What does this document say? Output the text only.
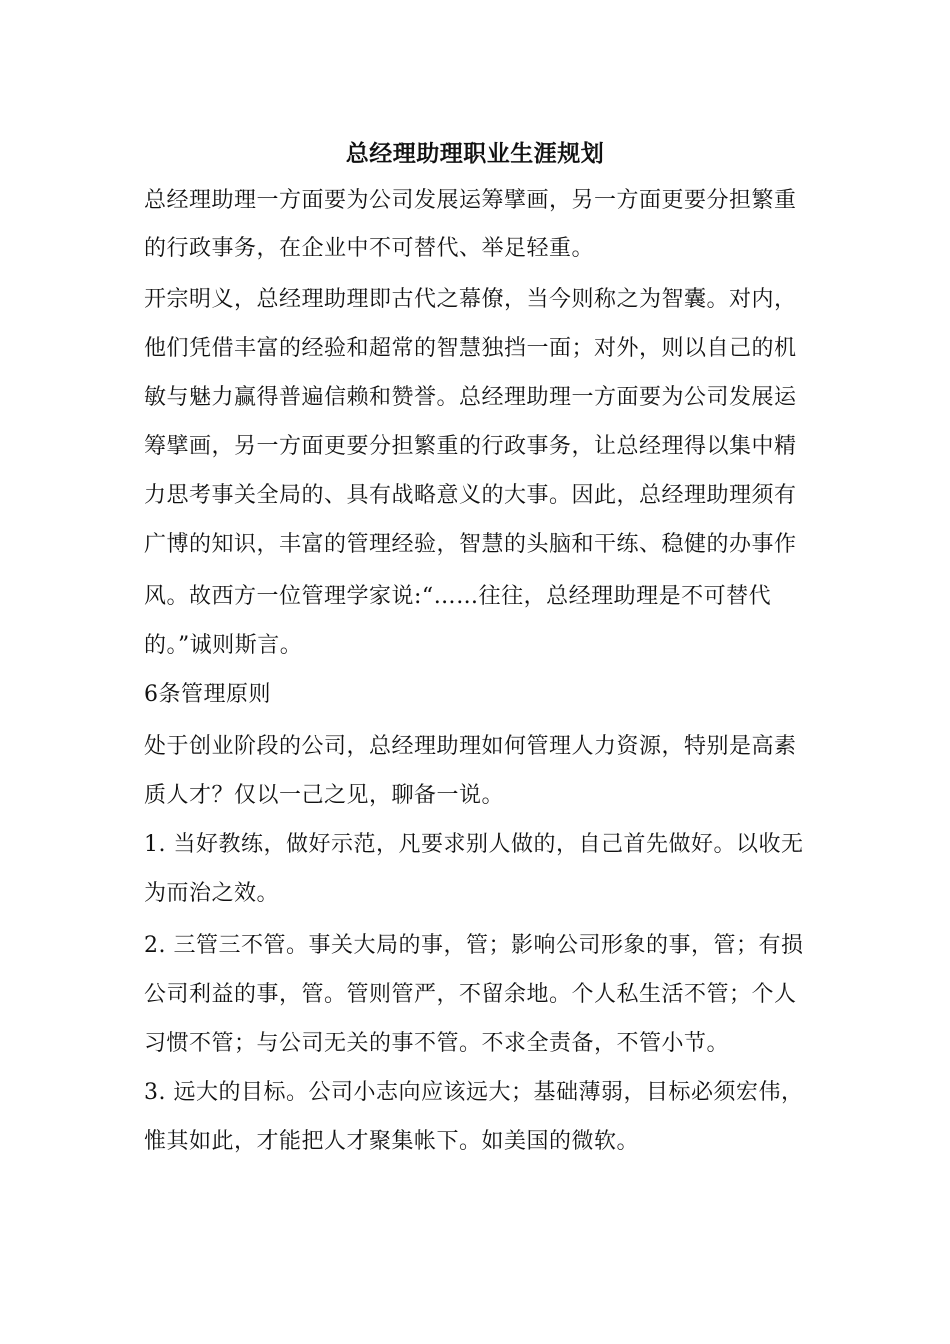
总经理助理职业生涯规划

总经理助理一方面要为公司发展运筹擘画，另一方面更要分担繁重

的行政事务，在企业中不可替代、举足轻重。

开宗明义，总经理助理即古代之幕僚，当今则称之为智囊。对内，

他们凭借丰富的经验和超常的智慧独挡一面；对外，则以自己的机

敏与魅力赢得普遍信赖和赞誉。总经理助理一方面要为公司发展运

筹擘画，另一方面更要分担繁重的行政事务，让总经理得以集中精

力思考事关全局的、具有战略意义的大事。因此，总经理助理须有

广博的知识，丰富的管理经验，智慧的头脑和干练、稳健的办事作

风。故西方一位管理学家说:“……往往，总经理助理是不可替代

的。”诚则斯言。

6条管理原则

处于创业阶段的公司，总经理助理如何管理人力资源，特别是高素

质人才？仅以一己之见，聊备一说。

1. 当好教练，做好示范，凡要求别人做的，自己首先做好。以收无

为而治之效。

2. 三管三不管。事关大局的事，管；影响公司形象的事，管；有损

公司利益的事，管。管则管严，不留余地。个人私生活不管；个人

习惯不管；与公司无关的事不管。不求全责备，不管小节。

3. 远大的目标。公司小志向应该远大；基础薄弱，目标必须宏伟，

惟其如此，才能把人才聚集帐下。如美国的微软。
